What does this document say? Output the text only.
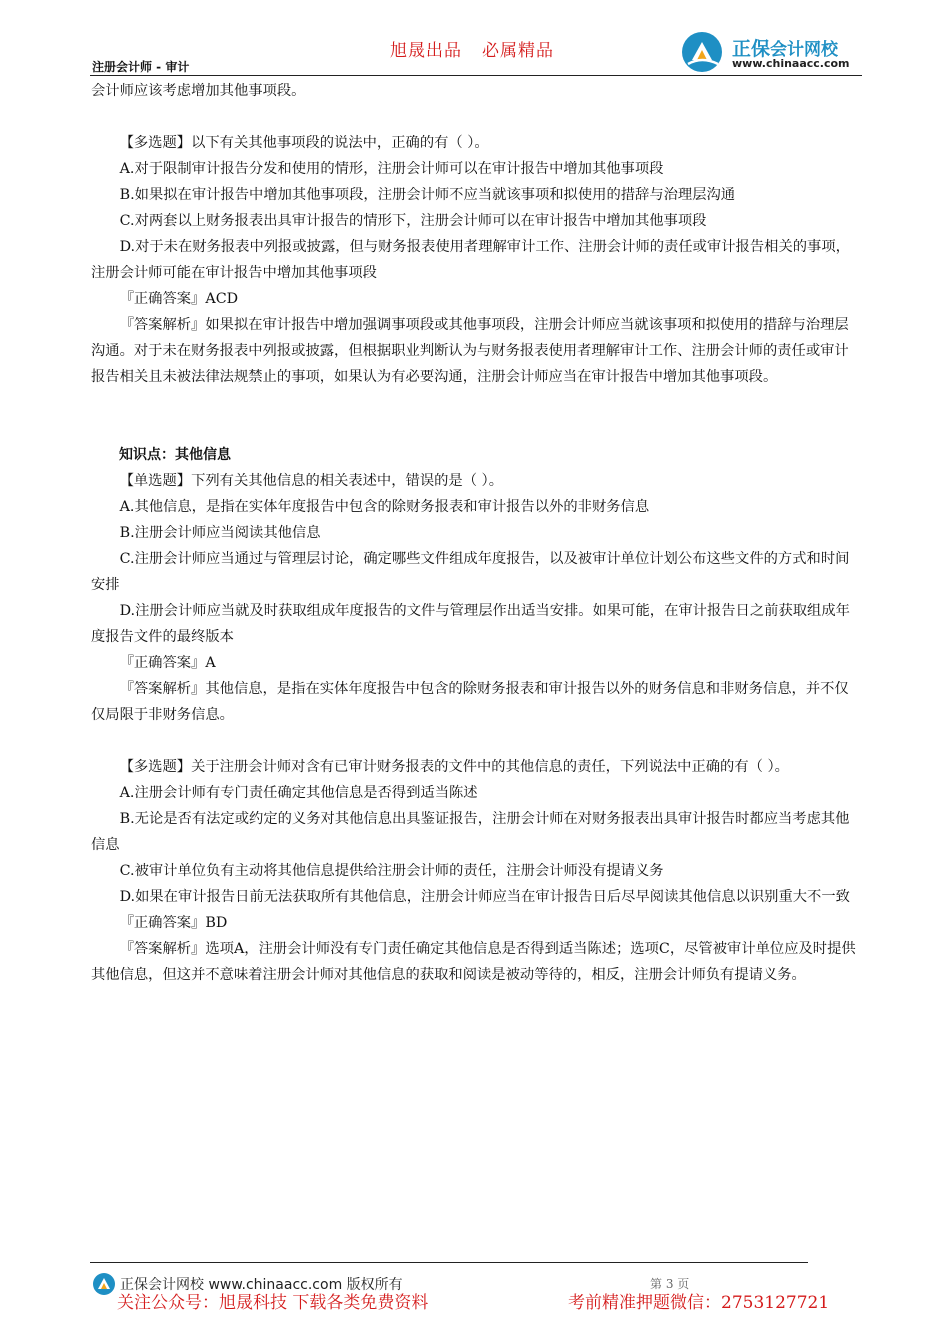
旭晟出品 必属精品
注册会计师 - 审计
正保会计网校
www.chinaacc.com

会计师应该考虑增加其他事项段。

【多选题】以下有关其他事项段的说法中，正确的有（ ）。

A.对于限制审计报告分发和使用的情形，注册会计师可以在审计报告中增加其他事项段

B.如果拟在审计报告中增加其他事项段，注册会计师不应当就该事项和拟使用的措辞与治理层沟通

C.对两套以上财务报表出具审计报告的情形下，注册会计师可以在审计报告中增加其他事项段

D.对于未在财务报表中列报或披露，但与财务报表使用者理解审计工作、注册会计师的责任或审计报告相关的事项，注册会计师可能在审计报告中增加其他事项段

『正确答案』ACD

『答案解析』如果拟在审计报告中增加强调事项段或其他事项段，注册会计师应当就该事项和拟使用的措辞与治理层沟通。对于未在财务报表中列报或披露，但根据职业判断认为与财务报表使用者理解审计工作、注册会计师的责任或审计报告相关且未被法律法规禁止的事项，如果认为有必要沟通，注册会计师应当在审计报告中增加其他事项段。

知识点：其他信息

【单选题】下列有关其他信息的相关表述中，错误的是（ ）。

A.其他信息，是指在实体年度报告中包含的除财务报表和审计报告以外的非财务信息

B.注册会计师应当阅读其他信息

C.注册会计师应当通过与管理层讨论，确定哪些文件组成年度报告，以及被审计单位计划公布这些文件的方式和时间安排

D.注册会计师应当就及时获取组成年度报告的文件与管理层作出适当安排。如果可能，在审计报告日之前获取组成年度报告文件的最终版本

『正确答案』A

『答案解析』其他信息，是指在实体年度报告中包含的除财务报表和审计报告以外的财务信息和非财务信息，并不仅仅局限于非财务信息。

【多选题】关于注册会计师对含有已审计财务报表的文件中的其他信息的责任，下列说法中正确的有（ ）。

A.注册会计师有专门责任确定其他信息是否得到适当陈述

B.无论是否有法定或约定的义务对其他信息出具鉴证报告，注册会计师在对财务报表出具审计报告时都应当考虑其他信息

C.被审计单位负有主动将其他信息提供给注册会计师的责任，注册会计师没有提请义务

D.如果在审计报告日前无法获取所有其他信息，注册会计师应当在审计报告日后尽早阅读其他信息以识别重大不一致

『正确答案』BD

『答案解析』选项A，注册会计师没有专门责任确定其他信息是否得到适当陈述；选项C，尽管被审计单位应及时提供其他信息，但这并不意味着注册会计师对其他信息的获取和阅读是被动等待的，相反，注册会计师负有提请义务。

正保会计网校 www.chinaacc.com 版权所有	第 3 页
关注公众号：旭晟科技 下载各类免费资料	考前精准押题微信：2753127721
